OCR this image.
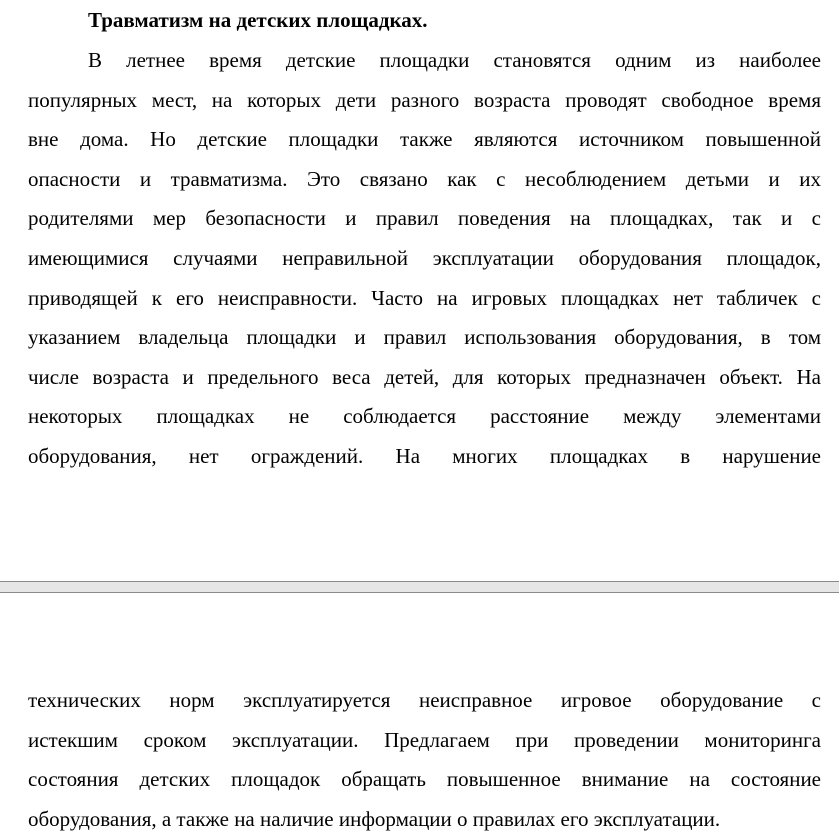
Травматизм на детских площадках.
В летнее время детские площадки становятся одним из наиболее
популярных мест, на которых дети разного возраста проводят свободное время
вне дома. Но детские площадки также являются источником повышенной
опасности и травматизма. Это связано как с несоблюдением детьми и их
родителями мер безопасности и правил поведения на площадках, так и с
имеющимися случаями неправильной эксплуатации оборудования площадок,
приводящей к его неисправности. Часто на игровых площадках нет табличек с
указанием владельца площадки и правил использования оборудования, в том
числе возраста и предельного веса детей, для которых предназначен объект. На
некоторых площадках не соблюдается расстояние между элементами
оборудования, нет ограждений. На многих площадках в нарушение
технических норм эксплуатируется неисправное игровое оборудование с
истекшим сроком эксплуатации. Предлагаем при проведении мониторинга
состояния детских площадок обращать повышенное внимание на состояние
оборудования, а также на наличие информации о правилах его эксплуатации.
